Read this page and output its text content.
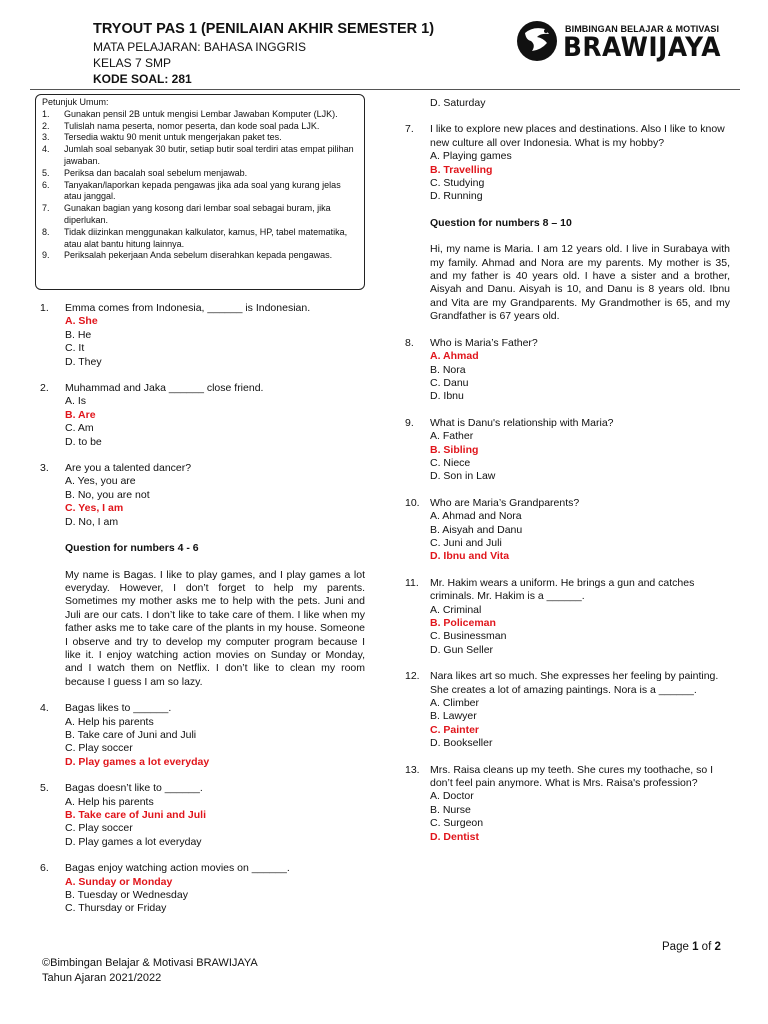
TRYOUT PAS 1 (PENILAIAN AKHIR SEMESTER 1)
MATA PELAJARAN: BAHASA INGGRIS
KELAS 7 SMP
KODE SOAL: 281
BIMBINGAN BELAJAR & MOTIVASI
BRAWIJAYA
Petunjuk Umum:
1.	Gunakan pensil 2B untuk mengisi Lembar Jawaban Komputer (LJK).
2.	Tulislah nama peserta, nomor peserta, dan kode soal pada LJK.
3.	Tersedia waktu 90 menit untuk mengerjakan paket tes.
4.	Jumlah soal sebanyak 30 butir, setiap butir soal terdiri atas empat pilihan jawaban.
5.	Periksa dan bacalah soal sebelum menjawab.
6.	Tanyakan/laporkan kepada pengawas jika ada soal yang kurang jelas atau janggal.
7.	Gunakan bagian yang kosong dari lembar soal sebagai buram, jika diperlukan.
8.	Tidak diizinkan menggunakan kalkulator, kamus, HP, tabel matematika, atau alat bantu hitung lainnya.
9.	Periksalah pekerjaan Anda sebelum diserahkan kepada pengawas.
1.	Emma comes from Indonesia, ______ is Indonesian.
A. She
B. He
C. It
D. They
2.	Muhammad and Jaka ______ close friend.
A. Is
B. Are
C. Am
D. to be
3.	Are you a talented dancer?
A. Yes, you are
B. No, you are not
C. Yes, I am
D. No, I am
Question for numbers 4 - 6
My name is Bagas. I like to play games, and I play games a lot everyday. However, I don’t forget to help my parents. Sometimes my mother asks me to help with the pets. Juni and Juli are our cats. I don’t like to take care of them. I like when my father asks me to take care of the plants in my house. Someone I observe and try to develop my computer program because I like it. I enjoy watching action movies on Sunday or Monday, and I watch them on Netflix. I don’t like to clean my room because I guess I am so lazy.
4.	Bagas likes to ______.
A. Help his parents
B. Take care of Juni and Juli
C. Play soccer
D. Play games a lot everyday
5.	Bagas doesn’t like to ______.
A. Help his parents
B. Take care of Juni and Juli
C. Play soccer
D. Play games a lot everyday
6.	Bagas enjoy watching action movies on ______.
A. Sunday or Monday
B. Tuesday or Wednesday
C. Thursday or Friday
D. Saturday
7.	I like to explore new places and destinations. Also I like to know new culture all over Indonesia. What is my hobby?
A. Playing games
B. Travelling
C. Studying
D. Running
Question for numbers 8 – 10
Hi, my name is Maria. I am 12 years old. I live in Surabaya with my family. Ahmad and Nora are my parents. My mother is 35, and my father is 40 years old. I have a sister and a brother, Aisyah and Danu. Aisyah is 10, and Danu is 8 years old. Ibnu and Vita are my Grandparents. My Grandmother is 65, and my Grandfather is 67 years old.
8.	Who is Maria’s Father?
A. Ahmad
B. Nora
C. Danu
D. Ibnu
9.	What is Danu's relationship with Maria?
A. Father
B. Sibling
C. Niece
D. Son in Law
10. Who are Maria’s Grandparents?
A. Ahmad and Nora
B. Aisyah and Danu
C. Juni and Juli
D. Ibnu and Vita
11.	Mr. Hakim wears a uniform. He brings a gun and catches criminals. Mr. Hakim is a ______.
A. Criminal
B. Policeman
C. Businessman
D. Gun Seller
12. Nara likes art so much. She expresses her feeling by painting. She creates a lot of amazing paintings. Nora is a ______.
A. Climber
B. Lawyer
C. Painter
D. Bookseller
13. Mrs. Raisa cleans up my teeth. She cures my toothache, so I don’t feel pain anymore. What is Mrs. Raisa's profession?
A. Doctor
B. Nurse
C. Surgeon
D. Dentist
Page 1 of 2
©Bimbingan Belajar & Motivasi BRAWIJAYA
Tahun Ajaran 2021/2022
